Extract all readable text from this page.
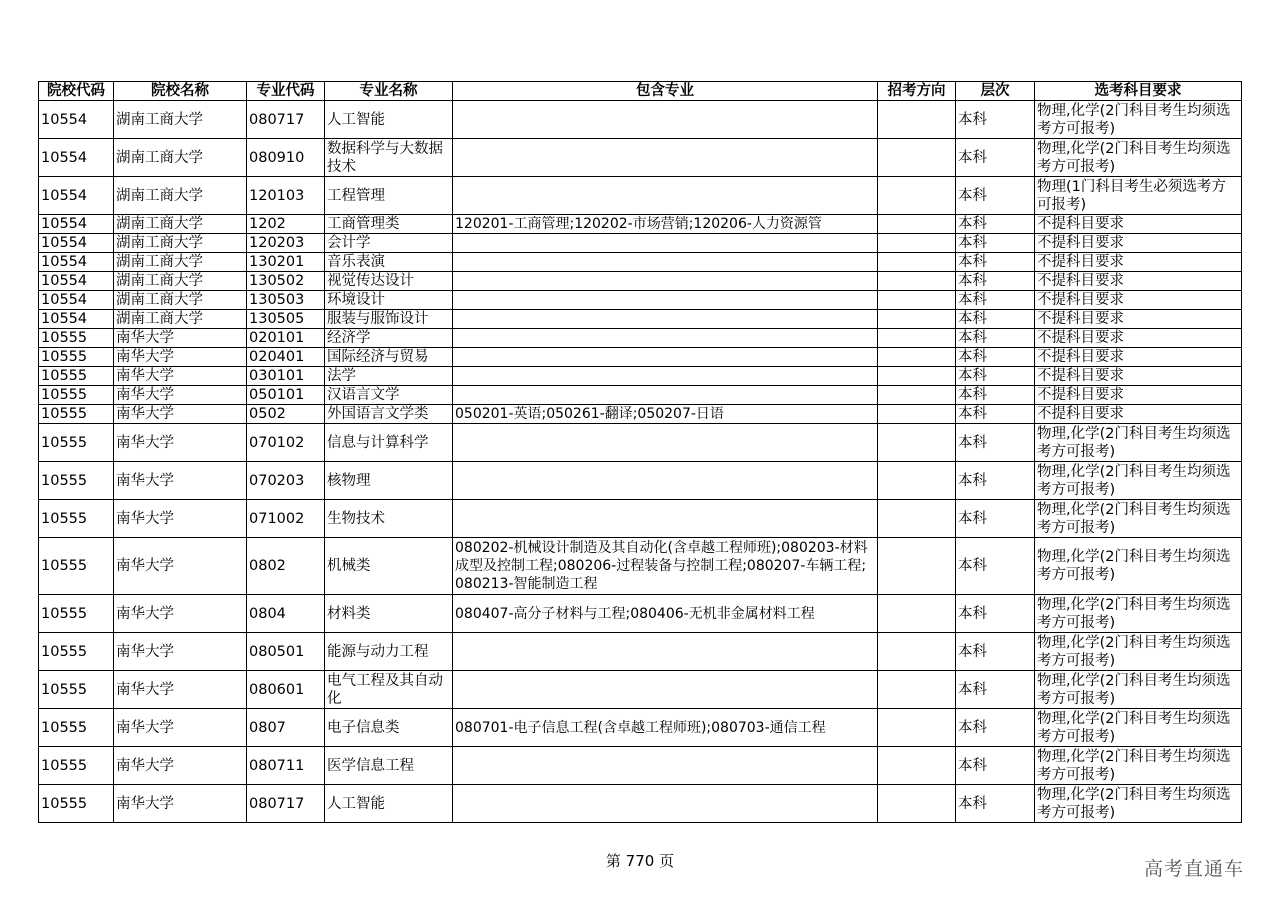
院校代码	院校名称	专业代码	专业名称	包含专业	招考方向	层次	选考科目要求
10554	湖南工商大学	080717	人工智能			本科	物理,化学(2门科目考生均须选考方可报考)
10554	湖南工商大学	080910	数据科学与大数据技术			本科	物理,化学(2门科目考生均须选考方可报考)
10554	湖南工商大学	120103	工程管理			本科	物理(1门科目考生必须选考方可报考)
10554	湖南工商大学	1202	工商管理类	120201-工商管理;120202-市场营销;120206-人力资源管		本科	不提科目要求
10554	湖南工商大学	120203	会计学			本科	不提科目要求
10554	湖南工商大学	130201	音乐表演			本科	不提科目要求
10554	湖南工商大学	130502	视觉传达设计			本科	不提科目要求
10554	湖南工商大学	130503	环境设计			本科	不提科目要求
10554	湖南工商大学	130505	服装与服饰设计			本科	不提科目要求
10555	南华大学	020101	经济学			本科	不提科目要求
10555	南华大学	020401	国际经济与贸易			本科	不提科目要求
10555	南华大学	030101	法学			本科	不提科目要求
10555	南华大学	050101	汉语言文学			本科	不提科目要求
10555	南华大学	0502	外国语言文学类	050201-英语;050261-翻译;050207-日语		本科	不提科目要求
10555	南华大学	070102	信息与计算科学			本科	物理,化学(2门科目考生均须选考方可报考)
10555	南华大学	070203	核物理			本科	物理,化学(2门科目考生均须选考方可报考)
10555	南华大学	071002	生物技术			本科	物理,化学(2门科目考生均须选考方可报考)
10555	南华大学	0802	机械类	080202-机械设计制造及其自动化(含卓越工程师班);080203-材料成型及控制工程;080206-过程装备与控制工程;080207-车辆工程;080213-智能制造工程		本科	物理,化学(2门科目考生均须选考方可报考)
10555	南华大学	0804	材料类	080407-高分子材料与工程;080406-无机非金属材料工程		本科	物理,化学(2门科目考生均须选考方可报考)
10555	南华大学	080501	能源与动力工程			本科	物理,化学(2门科目考生均须选考方可报考)
10555	南华大学	080601	电气工程及其自动化			本科	物理,化学(2门科目考生均须选考方可报考)
10555	南华大学	0807	电子信息类	080701-电子信息工程(含卓越工程师班);080703-通信工程		本科	物理,化学(2门科目考生均须选考方可报考)
10555	南华大学	080711	医学信息工程			本科	物理,化学(2门科目考生均须选考方可报考)
10555	南华大学	080717	人工智能			本科	物理,化学(2门科目考生均须选考方可报考)
第 770 页	高考直通车
